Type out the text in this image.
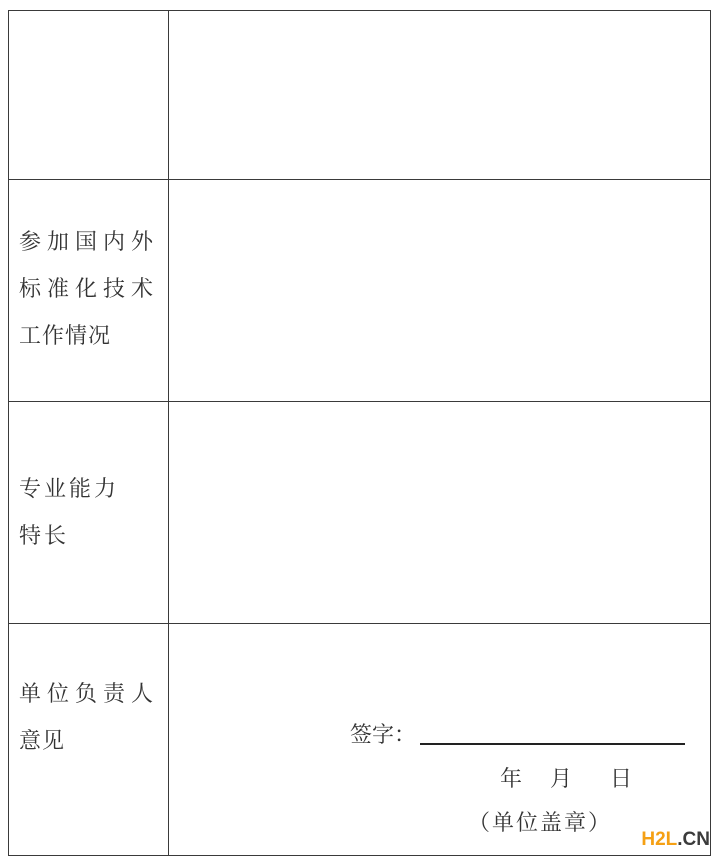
参加国内外
标准化技术
工作情况
专业能力
特长
单位负责人
意见	签字：
年 月 日
（单位盖章）
H2L.CN
